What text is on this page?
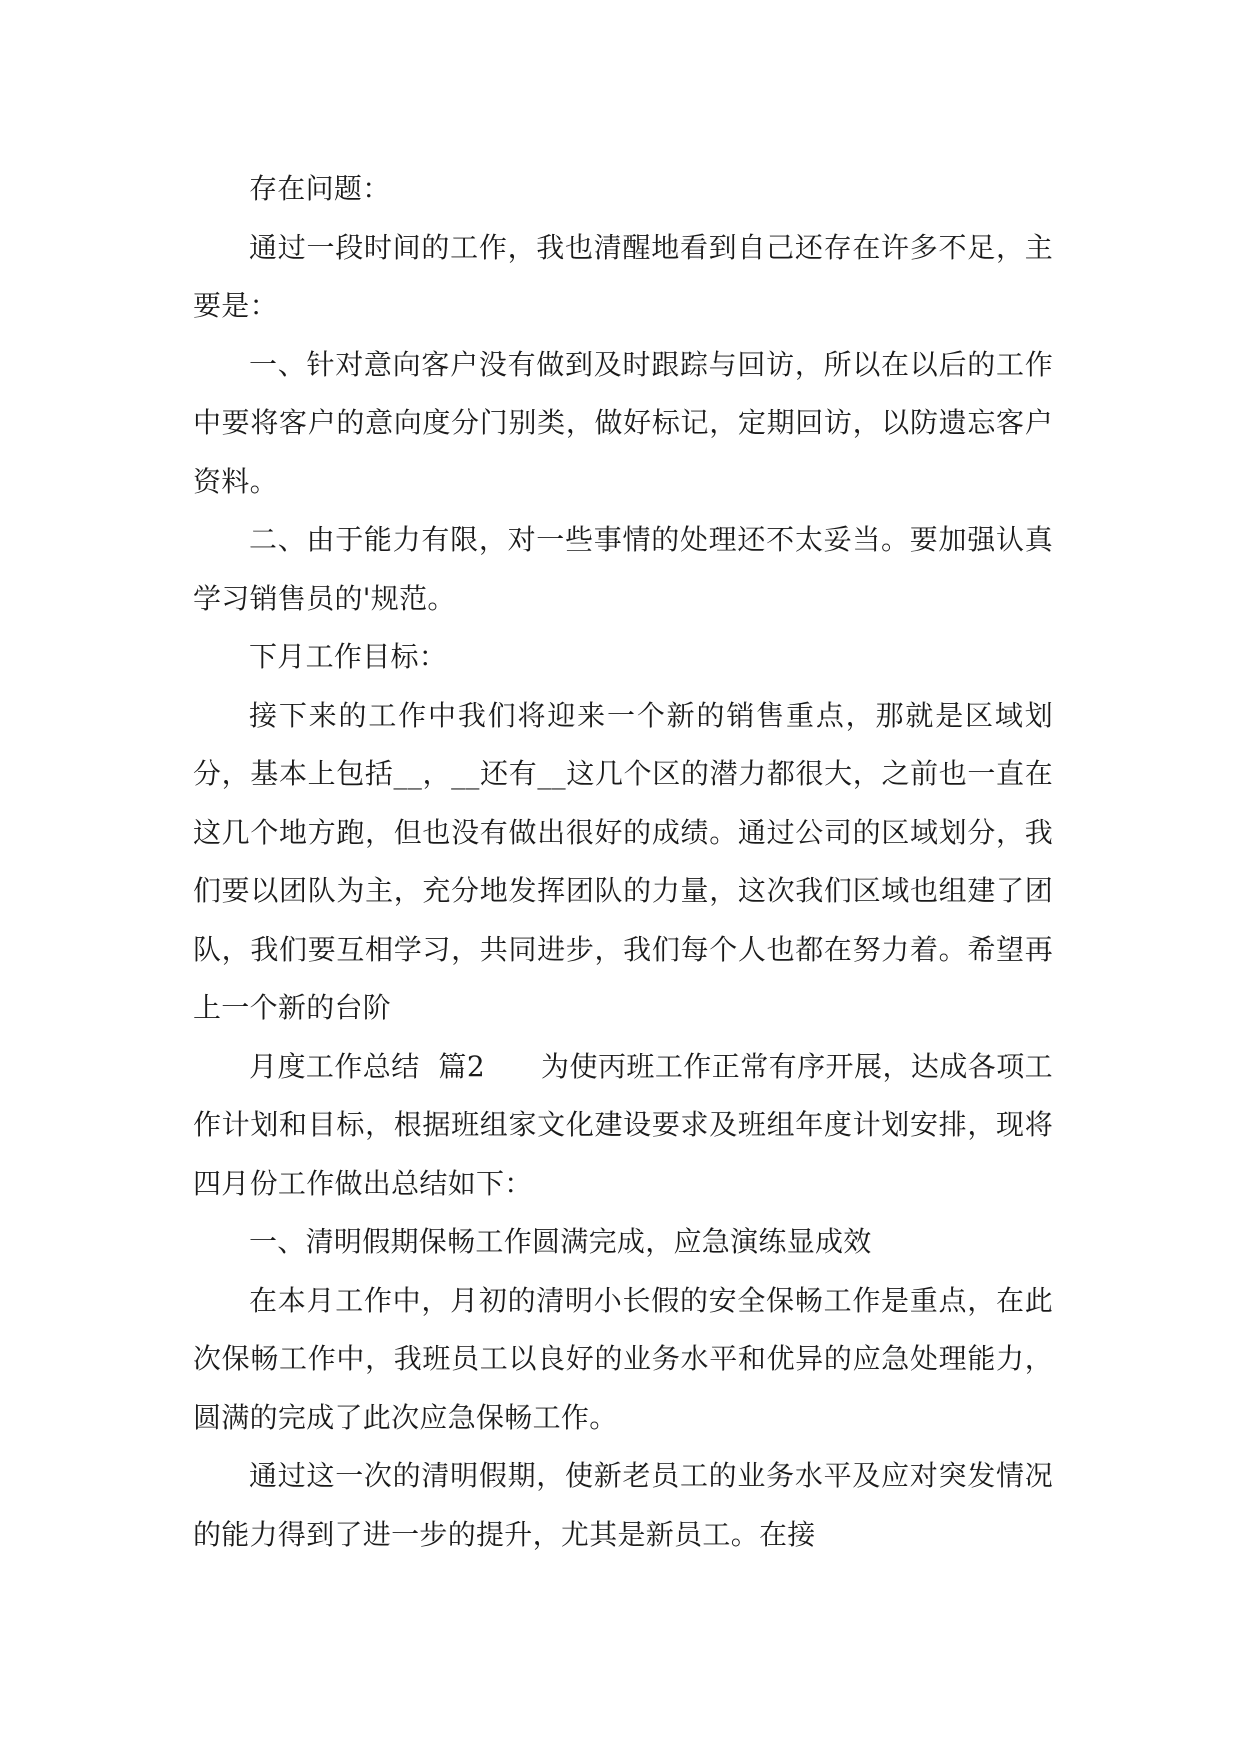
存在问题：

通过一段时间的工作，我也清醒地看到自己还存在许多不足，主要是：

一、针对意向客户没有做到及时跟踪与回访，所以在以后的工作中要将客户的意向度分门别类，做好标记，定期回访，以防遗忘客户资料。

二、由于能力有限，对一些事情的处理还不太妥当。要加强认真学习销售员的'规范。

下月工作目标：

接下来的工作中我们将迎来一个新的销售重点，那就是区域划分，基本上包括__，__还有__这几个区的潜力都很大，之前也一直在这几个地方跑，但也没有做出很好的成绩。通过公司的区域划分，我们要以团队为主，充分地发挥团队的力量，这次我们区域也组建了团队，我们要互相学习，共同进步，我们每个人也都在努力着。希望再上一个新的台阶

月度工作总结  篇2      为使丙班工作正常有序开展，达成各项工作计划和目标，根据班组家文化建设要求及班组年度计划安排，现将四月份工作做出总结如下：

一、清明假期保畅工作圆满完成，应急演练显成效

在本月工作中，月初的清明小长假的安全保畅工作是重点，在此次保畅工作中，我班员工以良好的业务水平和优异的应急处理能力，圆满的完成了此次应急保畅工作。

通过这一次的清明假期，使新老员工的业务水平及应对突发情况的能力得到了进一步的提升，尤其是新员工。在接
